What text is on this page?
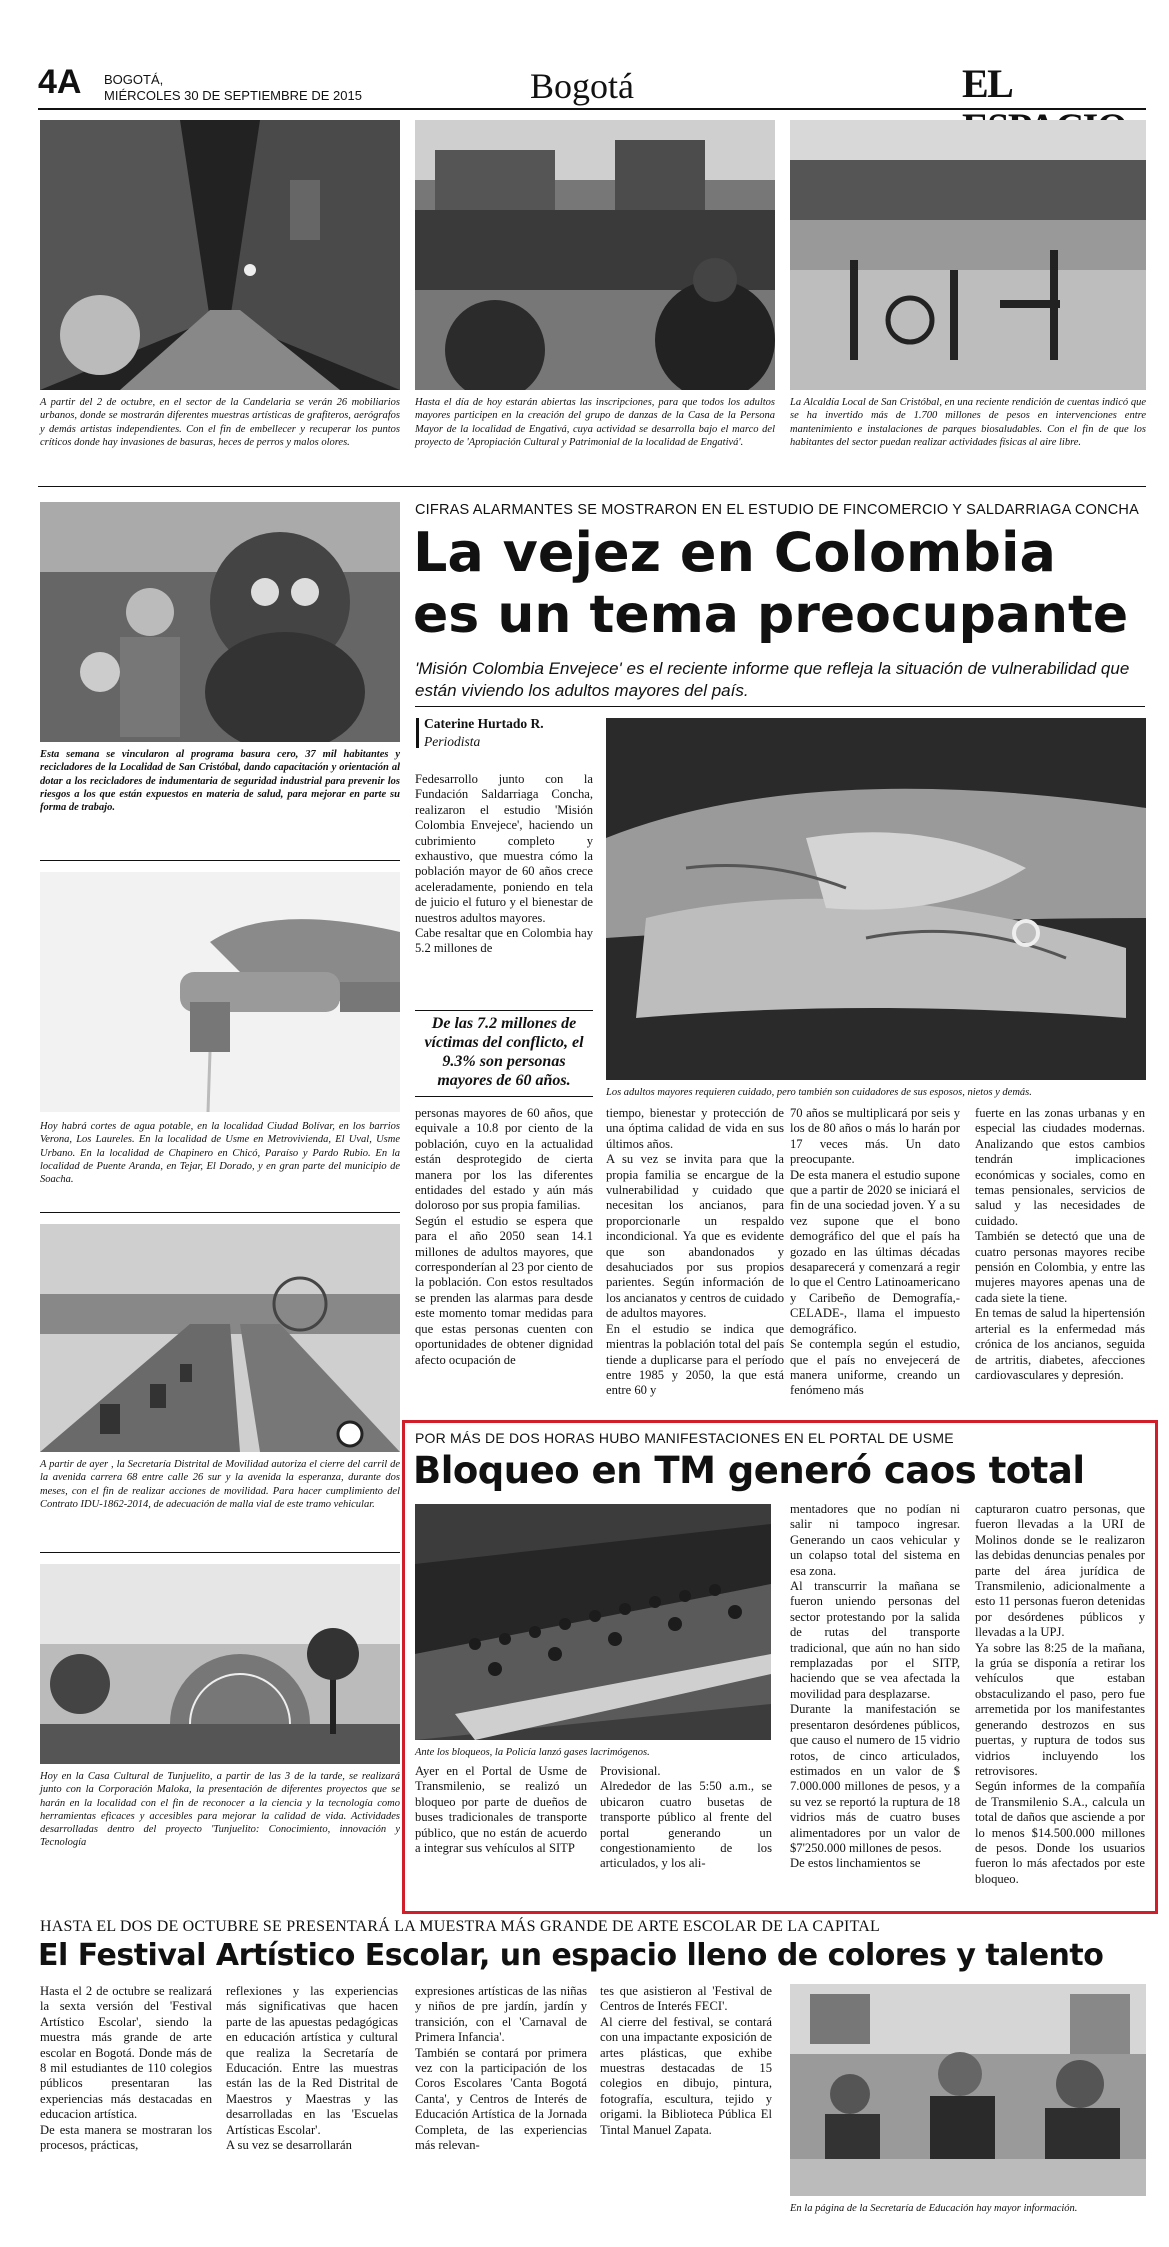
4A BOGOTÁ,
MIÉRCOLES 30 DE SEPTIEMBRE DE 2015	Bogotá	EL
A partir del 2 de octubre, en el sector de la Candelaria se verán 26 mobiliarios urbanos, donde se mostrarán diferentes muestras artísticas de grafiteros, aerógrafos y demás artistas independientes. Con el fin de embellecer y recuperar los puntos críticos donde hay invasiones de basuras, heces de perros y malos olores.
Hasta el día de hoy estarán abiertas las inscripciones, para que todos los adultos mayores participen en la creación del grupo de danzas de la Casa de la Persona Mayor de la localidad de Engativá, cuya actividad se desarrolla bajo el marco del proyecto de 'Apropiación Cultural y Patrimonial de la localidad de Engativá'.
La Alcaldía Local de San Cristóbal, en una reciente rendición de cuentas indicó que se ha invertido más de 1.700 millones de pesos en intervenciones entre mantenimiento e instalaciones de parques biosaludables. Con el fin de que los habitantes del sector puedan realizar actividades físicas al aire libre.
Esta semana se vincularon al programa basura cero, 37 mil habitantes y recicladores de la Localidad de San Cristóbal, dando capacitación y orientación al dotar a los recicladores de indumentaria de seguridad industrial para prevenir los riesgos a los que están expuestos en materia de salud, para mejorar en parte su forma de trabajo.
Hoy habrá cortes de agua potable, en la localidad Ciudad Bolívar, en los barrios Verona, Los Laureles. En la localidad de Usme en Metrovivienda, El Uval, Usme Urbano. En la localidad de Chapinero en Chicó, Paraíso y Pardo Rubio. En la localidad de Puente Aranda, en Tejar, El Dorado, y en gran parte del municipio de Soacha.
A partir de ayer , la Secretaría Distrital de Movilidad autoriza el cierre del carril de la avenida carrera 68 entre calle 26 sur y la avenida la esperanza, durante dos meses, con el fin de realizar acciones de movilidad. Para hacer cumplimiento del Contrato IDU-1862-2014, de adecuación de malla vial de este tramo vehicular.
Hoy en la Casa Cultural de Tunjuelito, a partir de las 3 de la tarde, se realizará junto con la Corporación Maloka, la presentación de diferentes proyectos que se harán en la localidad con el fin de reconocer a la ciencia y la tecnología como herramientas eficaces y accesibles para mejorar la calidad de vida. Actividades desarrolladas dentro del proyecto 'Tunjuelito: Conocimiento, innovación y Tecnología
CIFRAS ALARMANTES SE MOSTRARON EN EL ESTUDIO DE FINCOMERCIO Y SALDARRIAGA CONCHA
La vejez en Colombia
es un tema preocupante
'Misión Colombia Envejece' es el reciente informe que refleja la situación de vulnerabilidad que están viviendo los adultos mayores del país.
Caterine Hurtado R.
Periodista

Fedesarrollo junto con la Fundación Saldarriaga Concha, realizaron el estudio 'Misión Colombia Envejece', haciendo un cubrimiento completo y exhaustivo, que muestra cómo la población mayor de 60 años crece aceleradamente, poniendo en tela de juicio el futuro y el bienestar de nuestros adultos mayores.

Cabe resaltar que en Colombia hay 5.2 millones de

De las 7.2 millones de víctimas del conflicto, el 9.3% son personas mayores de 60 años.
Los adultos mayores requieren cuidado, pero también son cuidadores de sus esposos, nietos y demás.

personas mayores de 60 años, que equivale a 10.8 por ciento de la población, cuyo en la actualidad están desprotegido de cierta manera por los las diferentes entidades del estado y aún más doloroso por sus propia familias.

Según el estudio se espera que para el año 2050 sean 14.1 millones de adultos mayores, que corresponderían al 23 por ciento de la población. Con estos resultados se prenden las alarmas para desde este momento tomar medidas para que estas personas cuenten con oportunidades de obtener dignidad afecto ocupación de

tiempo, bienestar y protección de una óptima calidad de vida en sus últimos años.

A su vez se invita para que la propia familia se encargue de la vulnerabilidad y cuidado que necesitan los ancianos, para proporcionarle un respaldo incondicional. Ya que es evidente que son abandonados y desahuciados por sus propios parientes. Según información de los ancianatos y centros de cuidado de adultos mayores.

En el estudio se indica que mientras la población total del país tiende a duplicarse para el período entre 1985 y 2050, la que está entre 60 y

70 años se multiplicará por seis y los de 80 años o más lo harán por 17 veces más. Un dato preocupante.

De esta manera el estudio supone que a partir de 2020 se iniciará el fin de una sociedad joven. Y a su vez supone que el bono demográfico del que el país ha gozado en las últimas décadas desaparecerá y comenzará a regir lo que el Centro Latinoamericano y Caribeño de Demografía,-CELADE-, llama el impuesto demográfico.

Se contempla según el estudio, que el país no envejecerá de manera uniforme, creando un fenómeno más

fuerte en las zonas urbanas y en especial las ciudades modernas. Analizando que estos cambios tendrán implicaciones económicas y sociales, como en temas pensionales, servicios de salud y las necesidades de cuidado.

También se detectó que una de cuatro personas mayores recibe pensión en Colombia, y entre las mujeres mayores apenas una de cada siete la tiene.

En temas de salud la hipertensión arterial es la enfermedad más crónica de los ancianos, seguida de artritis, diabetes, afecciones cardiovasculares y depresión.

POR MÁS DE DOS HORAS HUBO MANIFESTACIONES EN EL PORTAL DE USME
Bloqueo en TM generó caos total
Ante los bloqueos, la Policía lanzó gases lacrimógenos.

Ayer en el Portal de Usme de Transmilenio, se realizó un bloqueo por parte de dueños de buses tradicionales de transporte público, que no están de acuerdo a integrar sus vehículos al SITP

Provisional.

Alrededor de las 5:50 a.m., se ubicaron cuatro busetas de transporte público al frente del portal generando un congestionamiento de los articulados, y los ali-

mentadores que no podían ni salir ni tampoco ingresar. Generando un caos vehicular y un colapso total del sistema en esa zona.

Al transcurrir la mañana se fueron uniendo personas del sector protestando por la salida de rutas del transporte tradicional, que aún no han sido remplazadas por el SITP, haciendo que se vea afectada la movilidad para desplazarse.

Durante la manifestación se presentaron desórdenes públicos, que causo el numero de 15 vidrio rotos, de cinco articulados, estimados en un valor de $ 7.000.000 millones de pesos, y a su vez se reportó la ruptura de 18 vidrios más de cuatro buses alimentadores por un valor de $7'250.000 millones de pesos.

De estos linchamientos se

capturaron cuatro personas, que fueron llevadas a la URI de Molinos donde se le realizaron las debidas denuncias penales por parte del área jurídica de Transmilenio, adicionalmente a esto 11 personas fueron detenidas por desórdenes públicos y llevadas a la UPJ.

Ya sobre las 8:25 de la mañana, la grúa se disponía a retirar los vehículos que estaban obstaculizando el paso, pero fue arremetida por los manifestantes generando destrozos en sus puertas, y ruptura de todos sus vidrios incluyendo los retrovisores.

Según informes de la compañía de Transmilenio S.A., calcula un total de daños que asciende a por lo menos $14.500.000 millones de pesos. Donde los usuarios fueron lo más afectados por este bloqueo.

HASTA EL DOS DE OCTUBRE SE PRESENTARÁ LA MUESTRA MÁS GRANDE DE ARTE ESCOLAR DE LA CAPITAL
El Festival Artístico Escolar, un espacio lleno de colores y talento

Hasta el 2 de octubre se realizará la sexta versión del 'Festival Artístico Escolar', siendo la muestra más grande de arte escolar en Bogotá. Donde más de 8 mil estudiantes de 110 colegios públicos presentaran las experiencias más destacadas en educacion artística.

De esta manera se mostraran los procesos, prácticas,

reflexiones y las experiencias más significativas que hacen parte de las apuestas pedagógicas en educación artística y cultural que realiza la Secretaría de Educación. Entre las muestras están las de la Red Distrital de Maestros y Maestras y las desarrolladas en las 'Escuelas Artísticas Escolar'.

A su vez se desarrollarán

expresiones artísticas de las niñas y niños de pre jardín, jardín y transición, con el 'Carnaval de Primera Infancia'.

También se contará por primera vez con la participación de los Coros Escolares 'Canta Bogotá Canta', y Centros de Interés de Educación Artística de la Jornada Completa, de las experiencias más relevan-

tes que asistieron al 'Festival de Centros de Interés FECI'.

Al cierre del festival, se contará con una impactante exposición de artes plásticas, que exhibe muestras destacadas de 15 colegios en dibujo, pintura, fotografía, escultura, tejido y origami. la Biblioteca Pública El Tintal Manuel Zapata.

En la página de la Secretaría de Educación hay mayor información.
